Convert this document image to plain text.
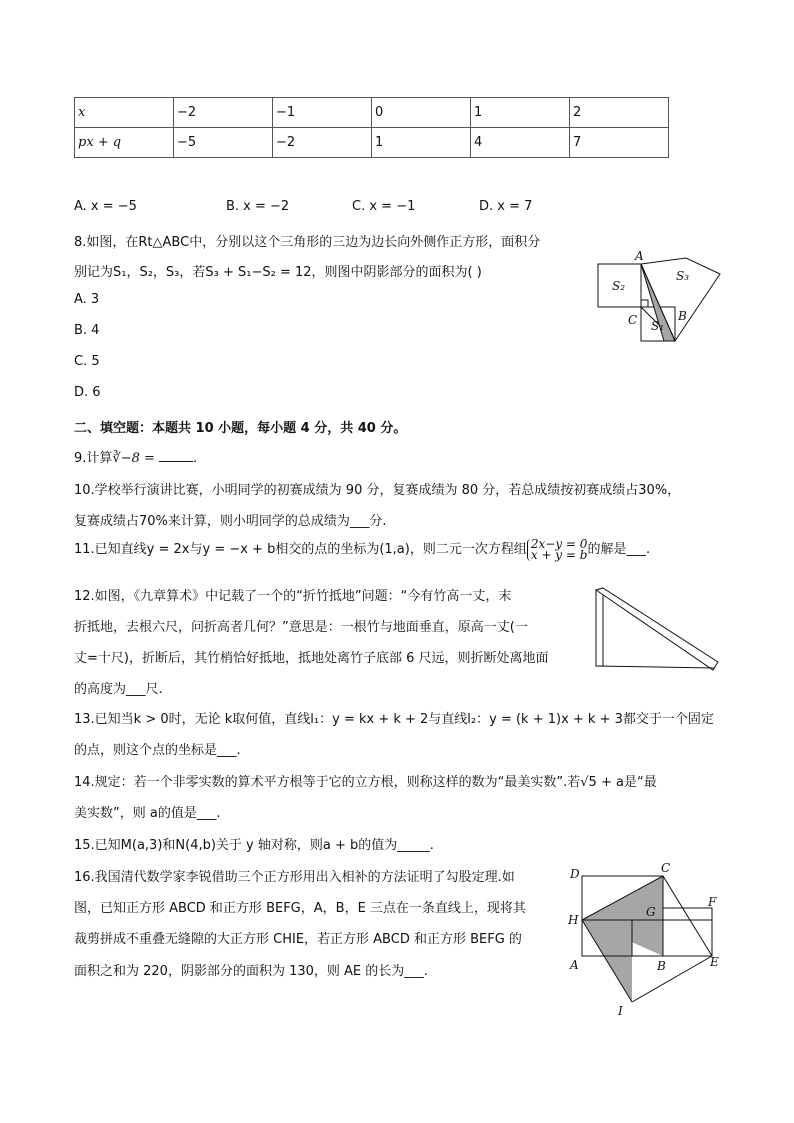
x	−2	−1	0	1	2
px + q	−5	−2	1	4	7
A. x = −5	B. x = −2	C. x = −1	D. x = 7
8.如图，在Rt△ABC中，分别以这个三角形的三边为边长向外侧作正方形，面积分
别记为S₁，S₂，S₃，若S₃ + S₁−S₂ = 12，则图中阴影部分的面积为( )
A. 3
B. 4
C. 5
D. 6
A
B
C S₁
S₂
S₃
二、填空题：本题共 10 小题，每小题 4 分，共 40 分。
9.计算∛−8 =	.
10.学校举行演讲比赛，小明同学的初赛成绩为 90 分，复赛成绩为 80 分，若总成绩按初赛成绩占30%，
复赛成绩占70%来计算，则小明同学的总成绩为___分.
11.已知直线y = 2x与y = −x + b相交的点的坐标为(1,a)，则二元一次方程组 2x−y = 0
x + y = b的解是___.
12.如图，《九章算术》中记载了一个的“折竹抵地”问题：“今有竹高一丈，末
折抵地，去根六尺，问折高者几何？”意思是：一根竹与地面垂直，原高一丈(一
丈=十尺)，折断后，其竹梢恰好抵地，抵地处离竹子底部 6 尺远，则折断处离地面
的高度为___尺.
13.已知当k > 0时，无论 k取何值，直线l₁：y = kx + k + 2与直线l₂：y = (k + 1)x + k + 3都交于一个固定
的点，则这个点的坐标是___.
14.规定：若一个非零实数的算术平方根等于它的立方根，则称这样的数为“最美实数”.若√5 + a是“最
美实数”，则 a的值是___.
15.已知M(a,3)和N(4,b)关于 y 轴对称，则a + b的值为_____.
16.我国清代数学家李锐借助三个正方形用出入相补的方法证明了勾股定理.如
图，已知正方形 ABCD 和正方形 BEFG，A，B，E 三点在一条直线上，现将其
裁剪拼成不重叠无缝隙的大正方形 CHIE，若正方形 ABCD 和正方形 BEFG 的
面积之和为 220，阴影部分的面积为 130，则 AE 的长为___.
D	C
F
G
H
A	B	E
I
